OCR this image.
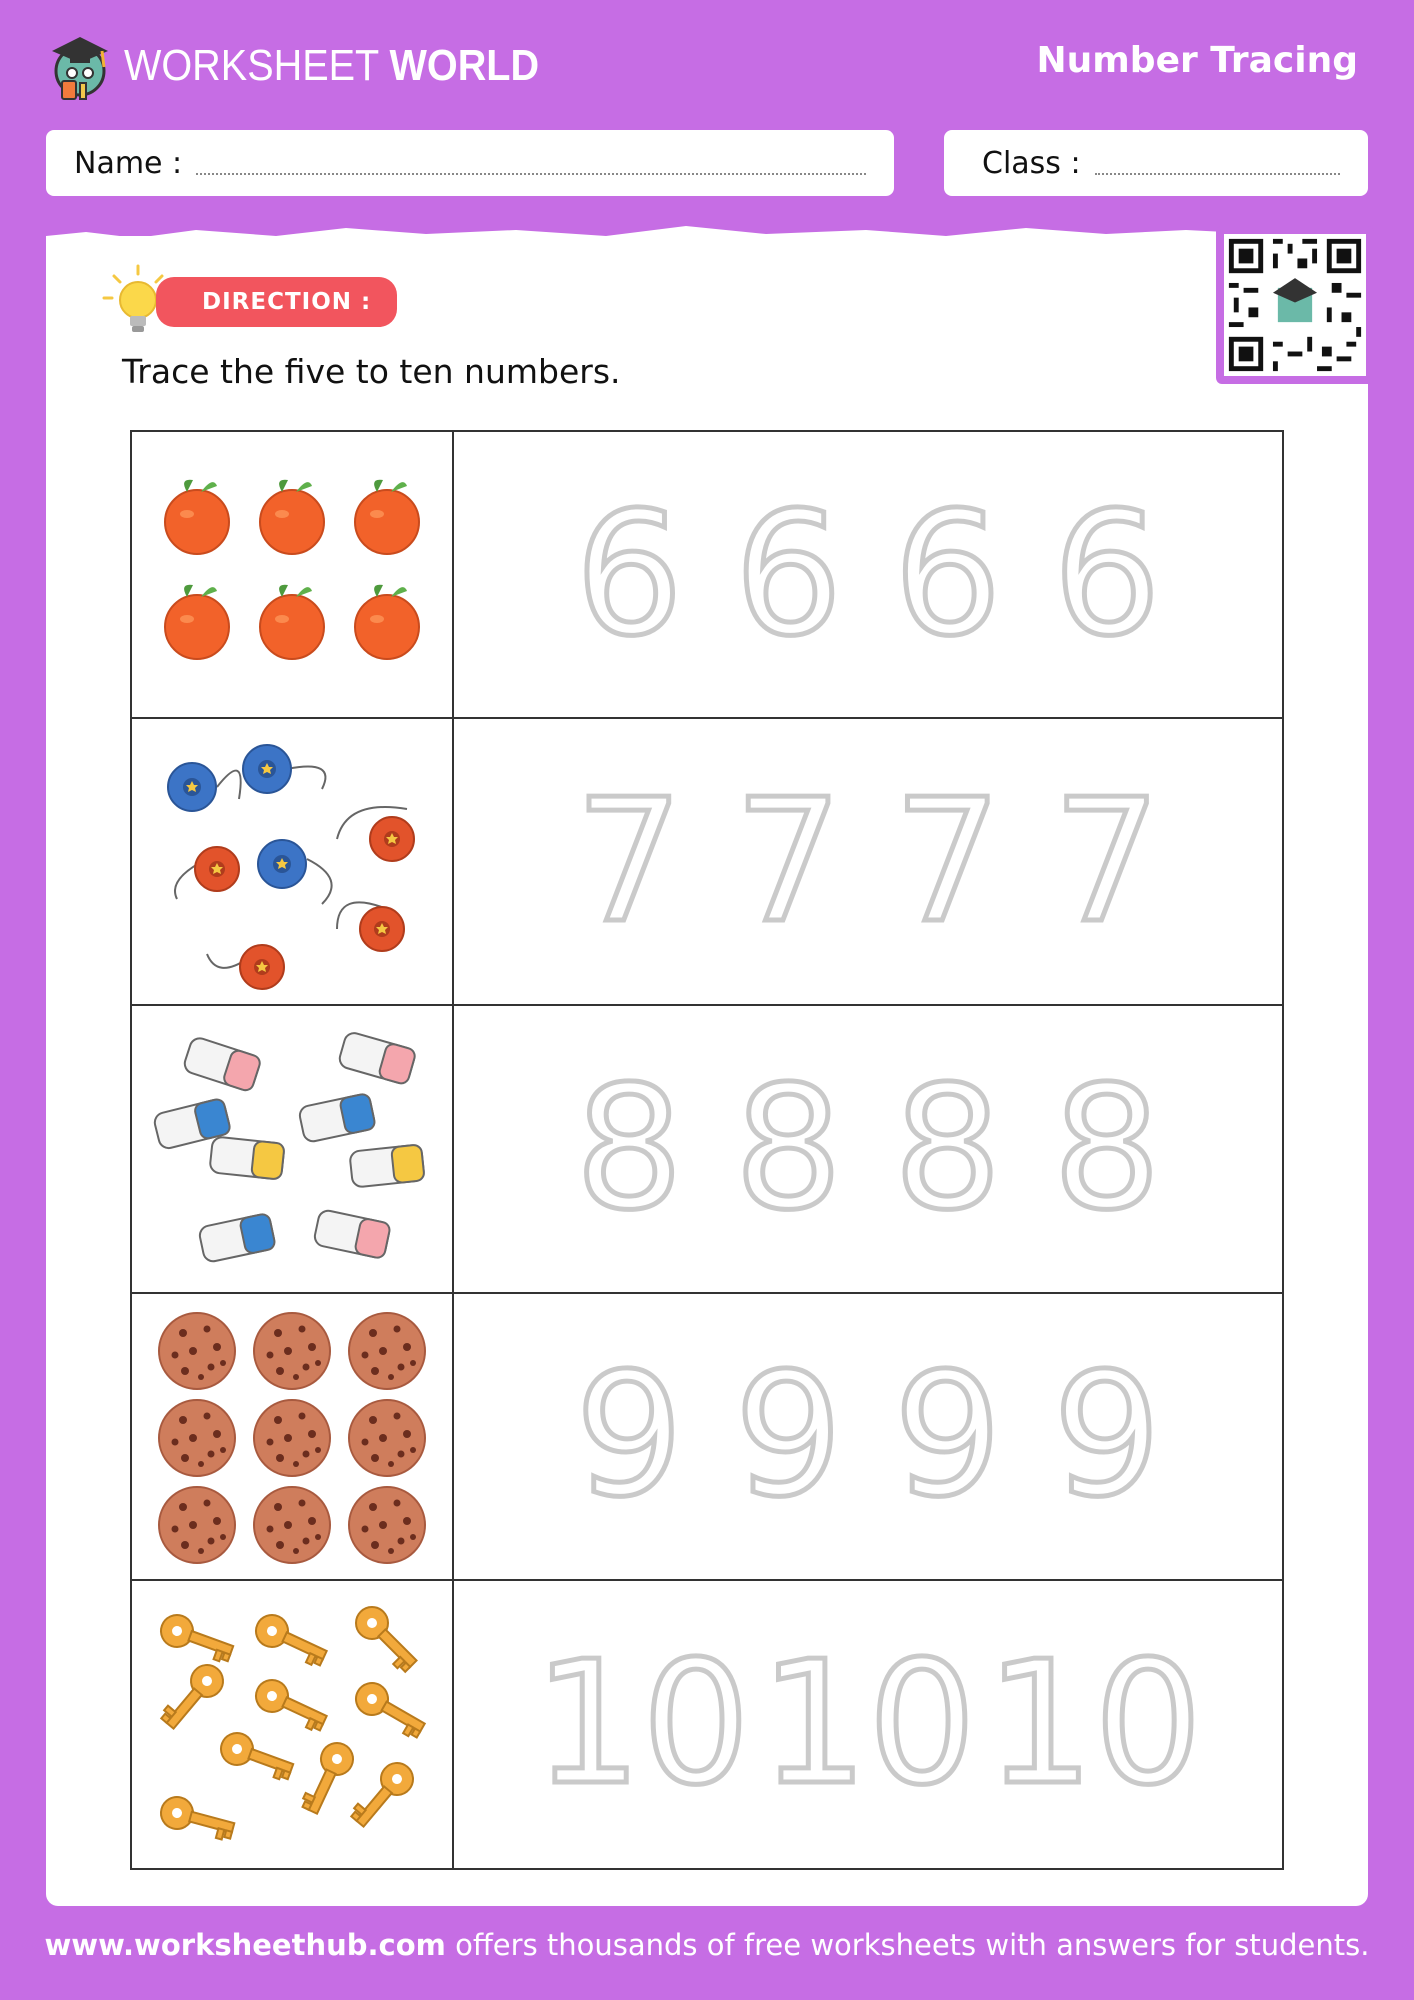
WORKSHEET WORLD	Number Tracing
Name :	Class :
DIRECTION :
Trace the five to ten numbers.
6 6 6 6
7 7 7 7
8 8 8 8
9 9 9 9
10 10 10
www.worksheethub.com offers thousands of free worksheets with answers for students.
